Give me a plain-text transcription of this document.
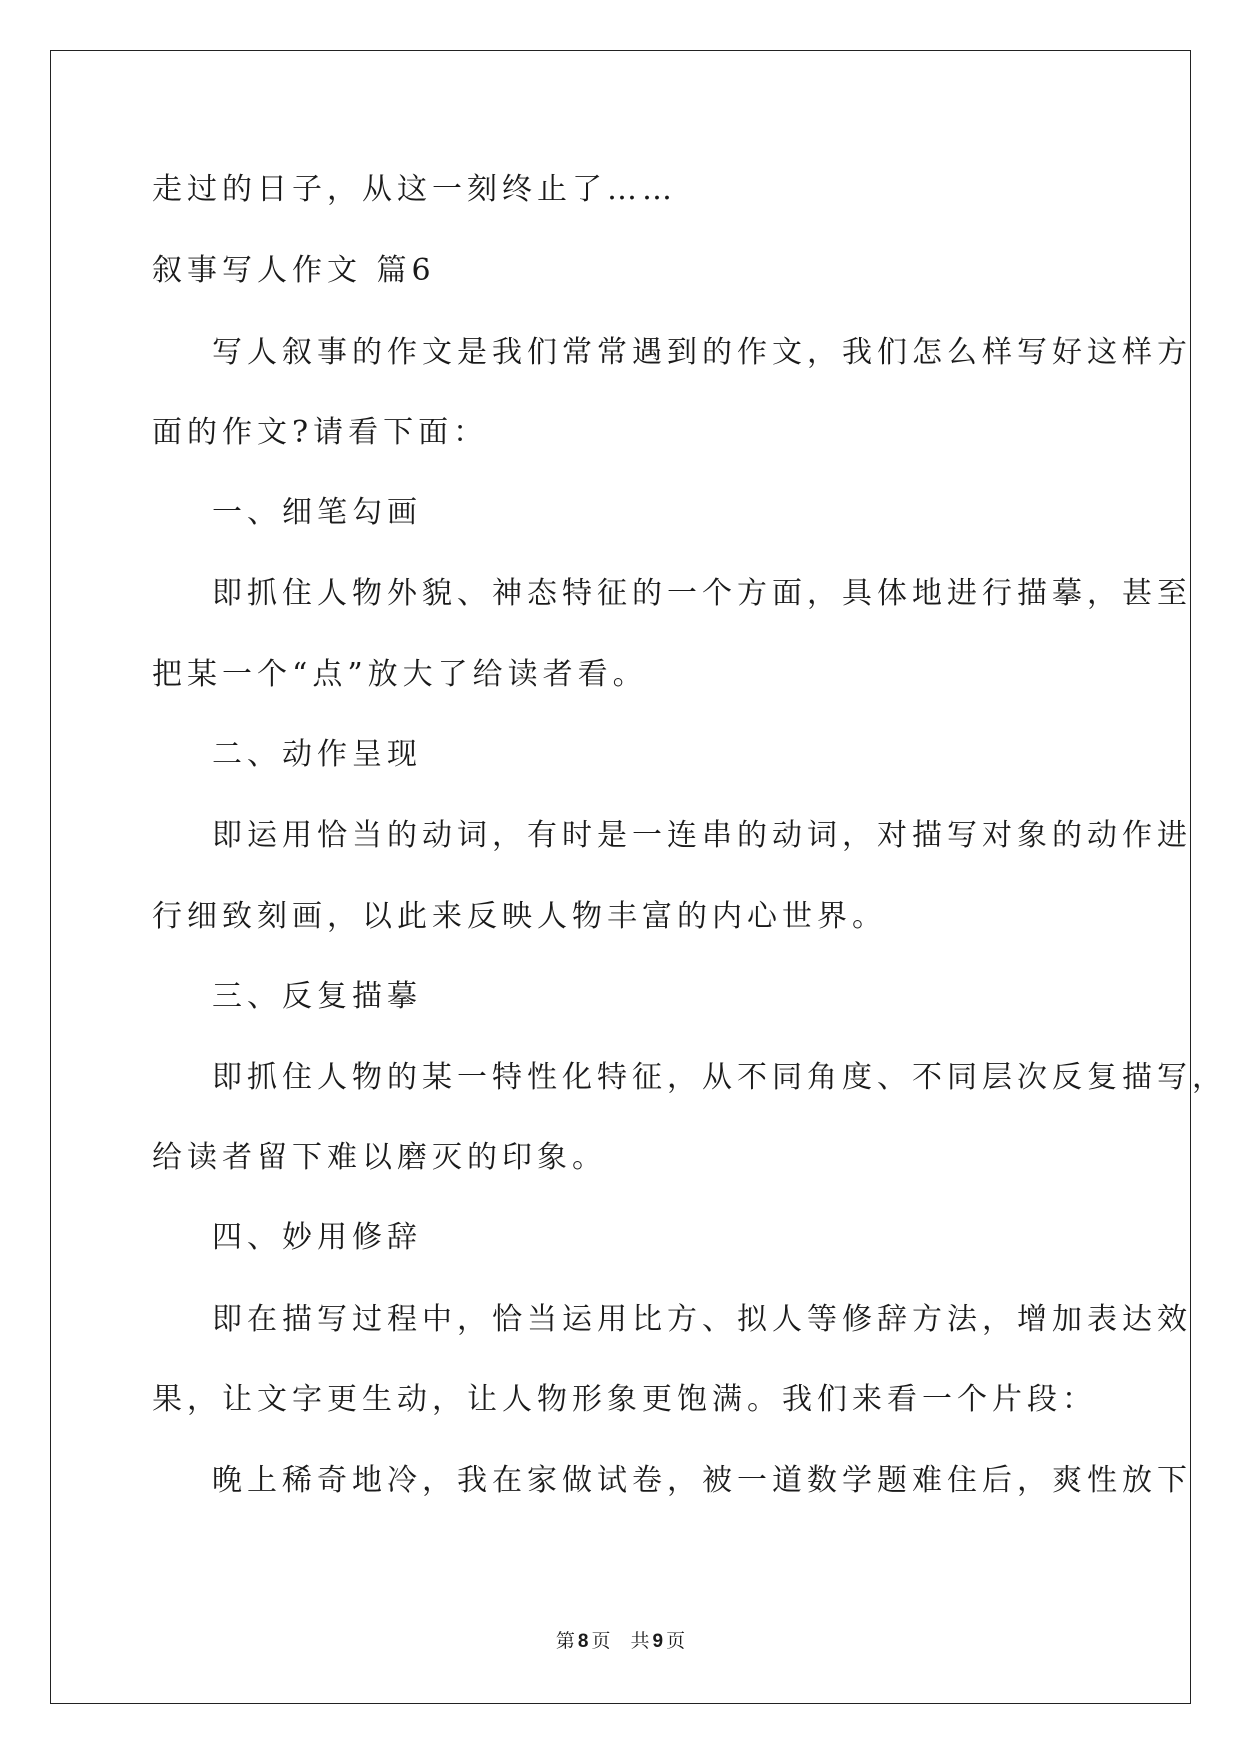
走过的日子，从这一刻终止了……

叙事写人作文 篇6

写人叙事的作文是我们常常遇到的作文，我们怎么样写好这样方

面的作文?请看下面：

一、细笔勾画

即抓住人物外貌、神态特征的一个方面，具体地进行描摹，甚至

把某一个“点”放大了给读者看。

二、动作呈现

即运用恰当的动词，有时是一连串的动词，对描写对象的动作进

行细致刻画，以此来反映人物丰富的内心世界。

三、反复描摹

即抓住人物的某一特性化特征，从不同角度、不同层次反复描写，

给读者留下难以磨灭的印象。

四、妙用修辞

即在描写过程中，恰当运用比方、拟人等修辞方法，增加表达效

果，让文字更生动，让人物形象更饱满。我们来看一个片段：

晚上稀奇地冷，我在家做试卷，被一道数学题难住后，爽性放下

第 8 页 共 9 页
